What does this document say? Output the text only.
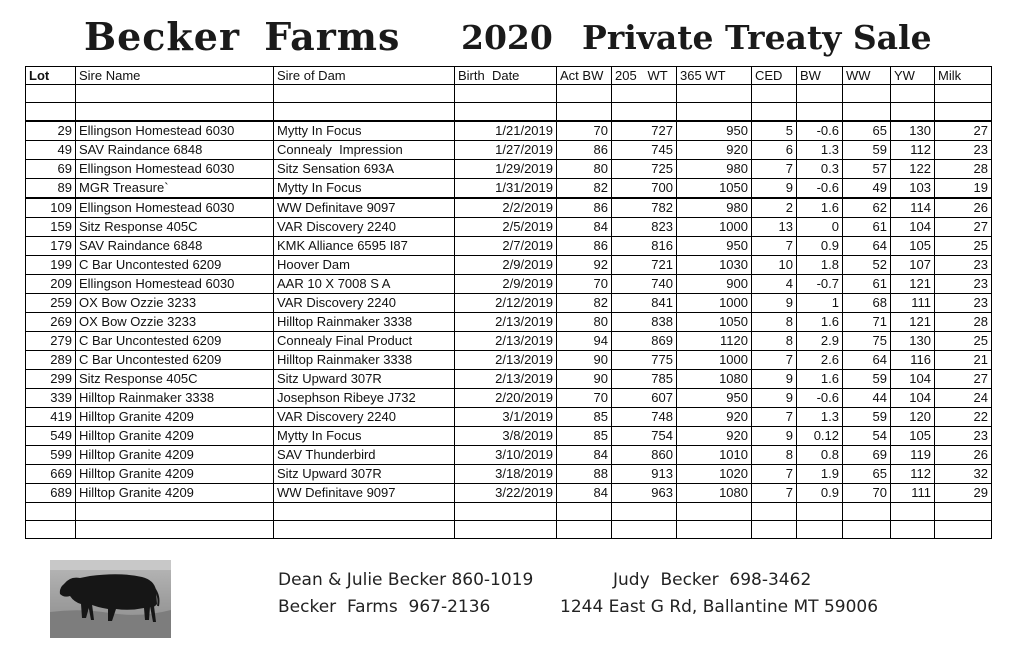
Becker Farms 2020 Private Treaty Sale
Lot	Sire Name	Sire of Dam	Birth  Date	Act BW	205   WT	365 WT	CED	BW	WW	YW	Milk

29	Ellingson Homestead 6030	Mytty In Focus	1/21/2019	70	727	950	5	-0.6	65	130	27
49	SAV Raindance 6848	Connealy  Impression	1/27/2019	86	745	920	6	1.3	59	112	23
69	Ellingson Homestead 6030	Sitz Sensation 693A	1/29/2019	80	725	980	7	0.3	57	122	28
89	MGR Treasure`	Mytty In Focus	1/31/2019	82	700	1050	9	-0.6	49	103	19
109	Ellingson Homestead 6030	WW Definitave 9097	2/2/2019	86	782	980	2	1.6	62	114	26
159	Sitz Response 405C	VAR Discovery 2240	2/5/2019	84	823	1000	13	0	61	104	27
179	SAV Raindance 6848	KMK Alliance 6595 I87	2/7/2019	86	816	950	7	0.9	64	105	25
199	C Bar Uncontested 6209	Hoover Dam	2/9/2019	92	721	1030	10	1.8	52	107	23
209	Ellingson Homestead 6030	AAR 10 X 7008 S A	2/9/2019	70	740	900	4	-0.7	61	121	23
259	OX Bow Ozzie 3233	VAR Discovery 2240	2/12/2019	82	841	1000	9	1	68	111	23
269	OX Bow Ozzie 3233	Hilltop Rainmaker 3338	2/13/2019	80	838	1050	8	1.6	71	121	28
279	C Bar Uncontested 6209	Connealy Final Product	2/13/2019	94	869	1120	8	2.9	75	130	25
289	C Bar Uncontested 6209	Hilltop Rainmaker 3338	2/13/2019	90	775	1000	7	2.6	64	116	21
299	Sitz Response 405C	Sitz Upward 307R	2/13/2019	90	785	1080	9	1.6	59	104	27
339	Hilltop Rainmaker 3338	Josephson Ribeye J732	2/20/2019	70	607	950	9	-0.6	44	104	24
419	Hilltop Granite 4209	VAR Discovery 2240	3/1/2019	85	748	920	7	1.3	59	120	22
549	Hilltop Granite 4209	Mytty In Focus	3/8/2019	85	754	920	9	0.12	54	105	23
599	Hilltop Granite 4209	SAV Thunderbird	3/10/2019	84	860	1010	8	0.8	69	119	26
669	Hilltop Granite 4209	Sitz Upward 307R	3/18/2019	88	913	1020	7	1.9	65	112	32
689	Hilltop Granite 4209	WW Definitave 9097	3/22/2019	84	963	1080	7	0.9	70	111	29

Dean & Julie Becker 860-1019	Judy  Becker  698-3462
Becker  Farms  967-2136	1244 East G Rd, Ballantine MT 59006
